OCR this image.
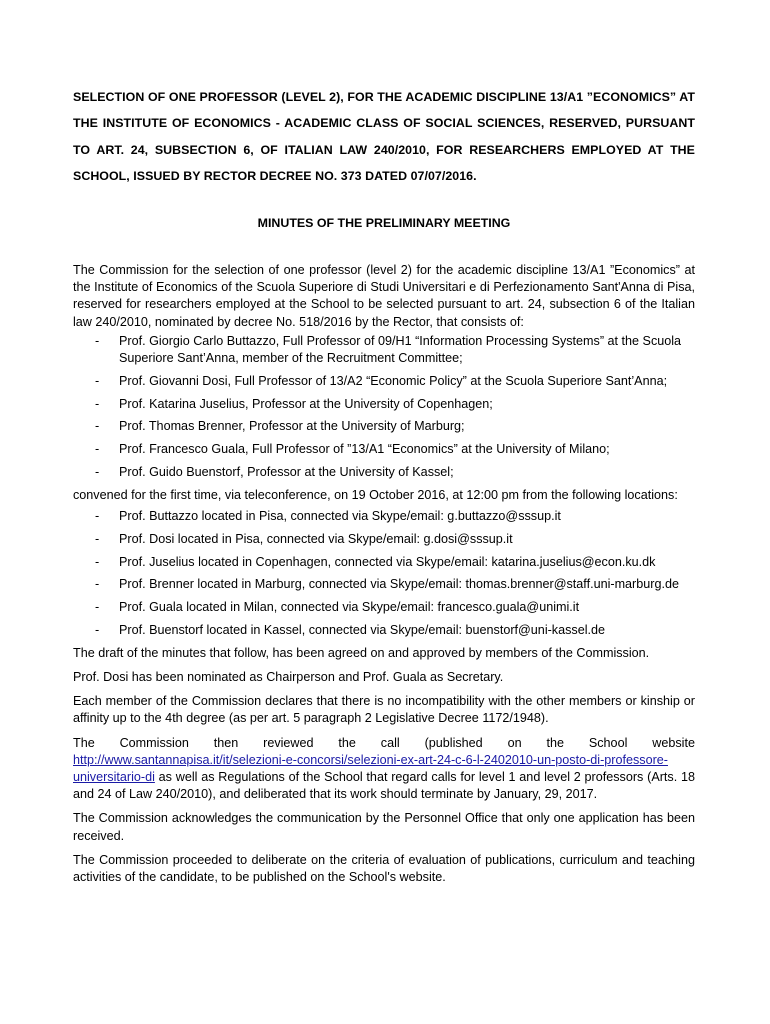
SELECTION OF ONE PROFESSOR (LEVEL 2), FOR THE ACADEMIC DISCIPLINE 13/A1 ”ECONOMICS” AT THE INSTITUTE OF ECONOMICS - ACADEMIC CLASS OF SOCIAL SCIENCES, RESERVED, PURSUANT TO ART. 24, SUBSECTION 6, OF ITALIAN LAW 240/2010, FOR RESEARCHERS EMPLOYED AT THE SCHOOL, ISSUED BY RECTOR DECREE NO. 373 DATED 07/07/2016.
MINUTES OF THE PRELIMINARY MEETING

The Commission for the selection of one professor (level 2) for the academic discipline 13/A1 ”Economics” at the Institute of Economics of the Scuola Superiore di Studi Universitari e di Perfezionamento Sant'Anna di Pisa, reserved for researchers employed at the School to be selected pursuant to art. 24, subsection 6 of the Italian law 240/2010, nominated by decree No. 518/2016 by the Rector, that consists of:

- Prof. Giorgio Carlo Buttazzo, Full Professor of 09/H1 “Information Processing Systems” at the Scuola Superiore Sant’Anna, member of the Recruitment Committee;
- Prof. Giovanni Dosi, Full Professor of 13/A2 “Economic Policy” at the Scuola Superiore Sant’Anna;
- Prof. Katarina Juselius, Professor at the University of Copenhagen;
- Prof. Thomas Brenner, Professor at the University of Marburg;
- Prof. Francesco Guala, Full Professor of ”13/A1 “Economics” at the University of Milano;
- Prof. Guido Buenstorf, Professor at the University of Kassel;

convened for the first time, via teleconference, on 19 October 2016, at 12:00 pm from the following locations:

- Prof. Buttazzo located in Pisa, connected via Skype/email: g.buttazzo@sssup.it
- Prof. Dosi located in Pisa, connected via Skype/email: g.dosi@sssup.it
- Prof. Juselius located in Copenhagen, connected via Skype/email: katarina.juselius@econ.ku.dk
- Prof. Brenner located in Marburg, connected via Skype/email: thomas.brenner@staff.uni-marburg.de
- Prof. Guala located in Milan, connected via Skype/email: francesco.guala@unimi.it
- Prof. Buenstorf located in Kassel, connected via Skype/email: buenstorf@uni-kassel.de

The draft of the minutes that follow, has been agreed on and approved by members of the Commission.

Prof. Dosi has been nominated as Chairperson and Prof. Guala as Secretary.

Each member of the Commission declares that there is no incompatibility with the other members or kinship or affinity up to the 4th degree (as per art. 5 paragraph 2 Legislative Decree 1172/1948).

The Commission then reviewed the call (published on the School website

http://www.santannapisa.it/it/selezioni-e-concorsi/selezioni-ex-art-24-c-6-l-2402010-un-posto-di-professore-universitario-di as well as Regulations of the School that regard calls for level 1 and level 2 professors (Arts. 18 and 24 of Law 240/2010), and deliberated that its work should terminate by January, 29, 2017.

The Commission acknowledges the communication by the Personnel Office that only one application has been received.

The Commission proceeded to deliberate on the criteria of evaluation of publications, curriculum and teaching activities of the candidate, to be published on the School's website.
